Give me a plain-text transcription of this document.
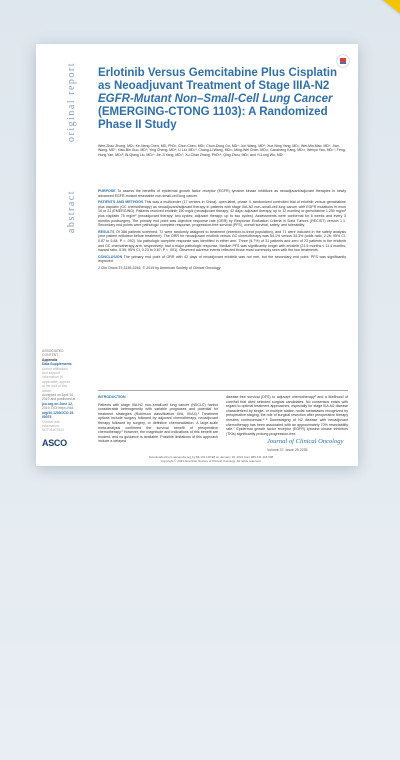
original report
abstract
Erlotinib Versus Gemcitabine Plus Cisplatin as Neoadjuvant Treatment of Stage IIIA-N2
EGFR-Mutant Non–Small-Cell Lung Cancer
(EMERGING-CTONG 1103): A Randomized Phase II Study
Wen-Zhao Zhong, MD¹; Ke-Neng Chen, MD, PhD²; Chun Chen, MD³; Chun-Dong Gu, MD⁴; Jun Wang, MD⁵; Xue-Ning Yang, MD¹; Wei-Min Mao, MD⁶; Jian-Wang, MD⁷; Xiao-Bin Guo, MD⁸; Ying Cheng, MD⁹; Li Liu, MD¹⁰; Chang-Li Wang, MD¹¹; Ming-Wei Chen, MD¹²; Gaozheng Kang, MD¹³; Wenyu Yao, MD¹⁴; Feng-Hong Yan, MD¹⁵; Bi-Qiang Liu, MD¹⁶; Jie-Ji Yang, MD¹⁷; Xu-Chao Zhang, PhD¹⁸; Qing Zhou, MD¹; and Yi-Long Wu, MD¹

PURPOSE To assess the benefits of epidermal growth factor receptor (EGFR) tyrosine kinase inhibitors as neoadjuvant/adjuvant therapies in newly advanced EGFR-mutant resectable non-small-cell lung cancer.

PATIENTS AND METHODS This was a multicenter (17 centers in China), open-label, phase II, randomized controlled trial of erlotinib versus gemcitabine plus cisplatin (GC chemotherapy) as neoadjuvant/adjuvant therapy in patients with stage IIIA-N2 non–small-cell lung cancer with EGFR mutations in exon 19 or 21 (EMERGING). Patients received erlotinib 150 mg/d (neoadjuvant therapy; 42 days; adjuvant therapy; up to 12 months) or gemcitabine 1,250 mg/m² plus cisplatin 75 mg/m² (neoadjuvant therapy: two cycles; adjuvant therapy: up to two cycles). Assessments were conformal for 6 weeks and every 3 months postsurgery. The primary end point was objective response rate (ORR) by Response Evaluation Criteria in Solid Tumors (RECIST) version 1.1. Secondary end points were pathologic complete response, progression-free survival (PFS), overall survival, safety, and tolerability.

RESULTS Of 386 patients screened, 72 were randomly assigned to treatment (intention-to-treat population), and 71 were included in the safety analysis (one patient withdrew before treatment). The ORR for neoadjuvant erlotinib versus GC chemotherapy was 54.1% versus 34.3% (odds ratio, 2.26; 95% CI, 0.87 to 5.84; P = .092). No pathologic complete response was identified in either arm. Three (9.7%) of 31 patients and zero of 23 patients in the erlotinib and GC chemotherapy arm, respectively, had a major pathologic response. Median PFS was significantly longer with erlotinib (21.5 months v 11.4 months; hazard ratio, 0.39; 95% CI, 0.23 to 0.67; P < .001). Observed adverse events reflected those most commonly seen with the two treatments.

CONCLUSION The primary end point of ORR with 42 days of neoadjuvant erlotinib was not met, but the secondary end point, PFS was significantly improved.

J Clin Oncol 37:2235-2245. © 2019 by American Society of Clinical Oncology

ASSOCIATED
CONTENT
Appendix
Data Supplements
Author affiliations
and support
information (if
applicable) appear
at the end of this
article.
Accepted on April 10,
2019 and published at
jco.org on June 12,
2019: DOI https://doi.
org/10.1200/JCO.19.
00075
Clinical trial
information:
NCT01407822
ASCO
INTRODUCTION
Patients with stage IIIA-N2 non–small-cell lung cancer (NSCLC) harbor considerable heterogeneity with variable prognoses and potential for treatment strategies (Robinson classification III/A, III/A4).¹ Treatment options include surgery followed by adjuvant chemotherapy, neoadjuvant therapy followed by surgery, or definitive chemoradiation. A large-scale meta-analysis confirmed the survival benefit of preoperative chemotherapy.² However, the magnitude and indications of this benefit are modest, and no guidance is available. Possible limitations of this approach include a delayed
disease-free survival (DFS) to adjuvant chemotherapy³ and a likelihood of cure/fail that cited selected surgical candidates. No consensus exists with regard to optimal treatment approaches, especially for stage IIIA-N2 disease characterized by single- or multiple station nodal metastases recognized by preoperative staging, the role of surgical resection after preoperative therapy remains controversial.⁴⁻⁶ Downstaging of N2 disease with neoadjuvant chemotherapy has been associated with an approximately 70% resectability rate.⁷ Epidermal growth factor receptor (EGFR) tyrosine kinase inhibitors (TKIs) significantly prolong progression-free
Journal of Clinical Oncology
Volume 37, Issue 25 2235
Downloaded from ascopubs.org by 86.131.118.98 on January 18, 2021 from 086.131.118.098
Copyright © 2021 American Society of Clinical Oncology. All rights reserved.
